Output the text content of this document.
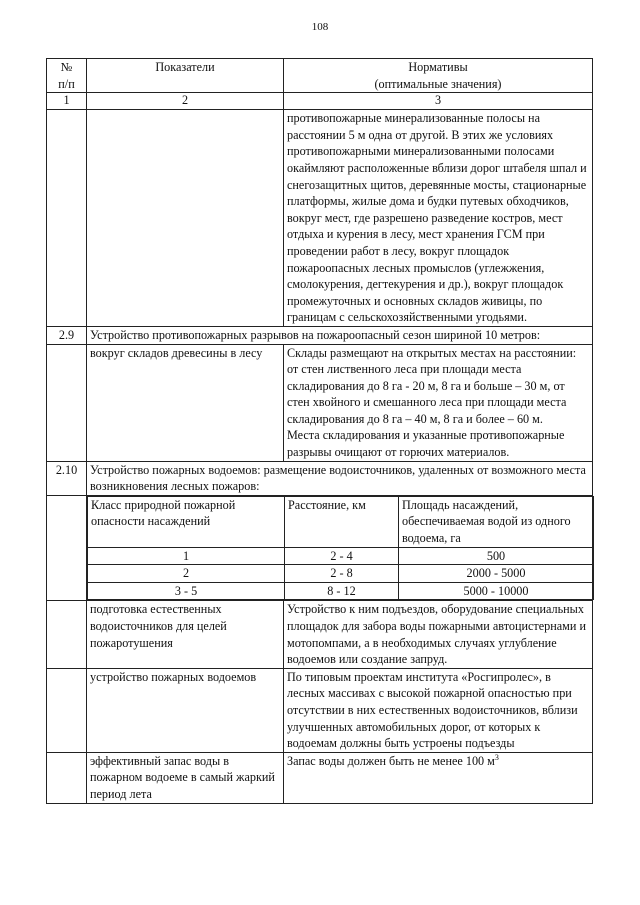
108
№
п/п	Показатели	Нормативы
(оптимальные значения)
1	2	3
		противопожарные минерализованные полосы на расстоянии 5 м одна от другой. В этих же условиях противопожарными минерализованными полосами окаймляют расположенные вблизи дорог штабеля шпал и снегозащитных щитов, деревянные мосты, стационарные платформы, жилые дома и будки путевых обходчиков, вокруг мест, где разрешено разведение костров, мест отдыха и курения в лесу, мест хранения ГСМ при проведении работ в лесу, вокруг площадок пожароопасных лесных промыслов (углежжения, смолокурения, дегтекурения и др.), вокруг площадок промежуточных и основных складов живицы, по границам с сельскохозяйственными угодьями.
2.9	Устройство противопожарных разрывов на пожароопасный сезон шириной 10 метров:
	вокруг складов древесины в лесу	Склады размещают на открытых местах на расстоянии: от стен лиственного леса при площади места складирования до 8 га - 20 м, 8 га и больше – 30 м, от стен хвойного и смешанного леса при площади места складирования до 8 га – 40 м, 8 га и более – 60 м.
Места складирования и указанные противопожарные разрывы очищают от горючих материалов.

2.10	Устройство пожарных водоемов: размещение водоисточников, удаленных от возможного места возникновения лесных пожаров:

Класс природной пожарной опасности насаждений	Расстояние, км	Площадь насаждений, обеспечиваемая водой из одного водоема, га
1	2 - 4	500
2	2 - 8	2000 - 5000
3 - 5	8 - 12	5000 - 10000

	подготовка естественных водоисточников для целей пожаротушения	Устройство к ним подъездов, оборудование специальных площадок для забора воды пожарными автоцистернами и мотопомпами, а в необходимых случаях углубление водоемов или создание запруд.
	устройство пожарных водоемов	По типовым проектам института «Росгипролес», в лесных массивах с высокой пожарной опасностью при отсутствии в них естественных водоисточников, вблизи улучшенных автомобильных дорог, от которых к водоемам должны быть устроены подъезды
	эффективный запас воды в пожарном водоеме в самый жаркий период лета	Запас воды должен быть не менее 100 $м^3$
